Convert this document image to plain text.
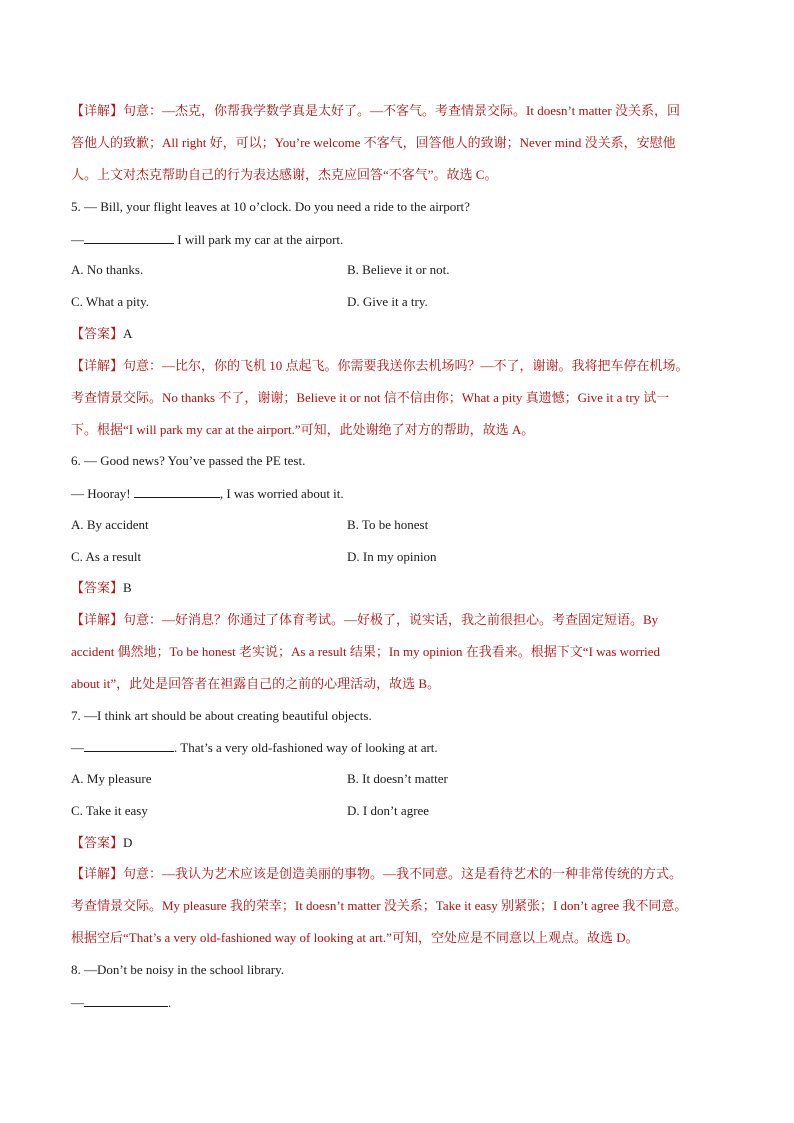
【详解】句意：—杰克，你帮我学数学真是太好了。—不客气。考查情景交际。It doesn’t matter 没关系，回
答他人的致歉；All right 好，可以；You’re welcome 不客气，回答他人的致谢；Never mind 没关系，安慰他
人。上文对杰克帮助自己的行为表达感谢，杰克应回答“不客气”。故选 C。
5. — Bill, your flight leaves at 10 o’clock. Do you need a ride to the airport?
—	I will park my car at the airport.
A. No thanks.	B. Believe it or not.
C. What a pity.	D. Give it a try.
【答案】A
【详解】句意：—比尔，你的飞机 10 点起飞。你需要我送你去机场吗？—不了，谢谢。我将把车停在机场。
考查情景交际。No thanks 不了，谢谢；Believe it or not 信不信由你；What a pity 真遗憾；Give it a try 试一
下。根据“I will park my car at the airport.”可知，此处谢绝了对方的帮助，故选 A。
6. — Good news? You’ve passed the PE test.
— Hooray!	, I was worried about it.
A. By accident	B. To be honest
C. As a result	D. In my opinion
【答案】B
【详解】句意：—好消息？你通过了体育考试。—好极了，说实话，我之前很担心。考查固定短语。By
accident 偶然地；To be honest 老实说；As a result 结果；In my opinion 在我看来。根据下文“I was worried
about it”，此处是回答者在袒露自己的之前的心理活动，故选 B。
7. —I think art should be about creating beautiful objects.
—	. That’s a very old-fashioned way of looking at art.
A. My pleasure	B. It doesn’t matter
C. Take it easy	D. I don’t agree
【答案】D
【详解】句意：—我认为艺术应该是创造美丽的事物。—我不同意。这是看待艺术的一种非常传统的方式。
考查情景交际。My pleasure 我的荣幸；It doesn’t matter 没关系；Take it easy 别紧张；I don’t agree 我不同意。
根据空后“That’s a very old-fashioned way of looking at art.”可知，空处应是不同意以上观点。故选 D。
8. —Don’t be noisy in the school library.
—	.
